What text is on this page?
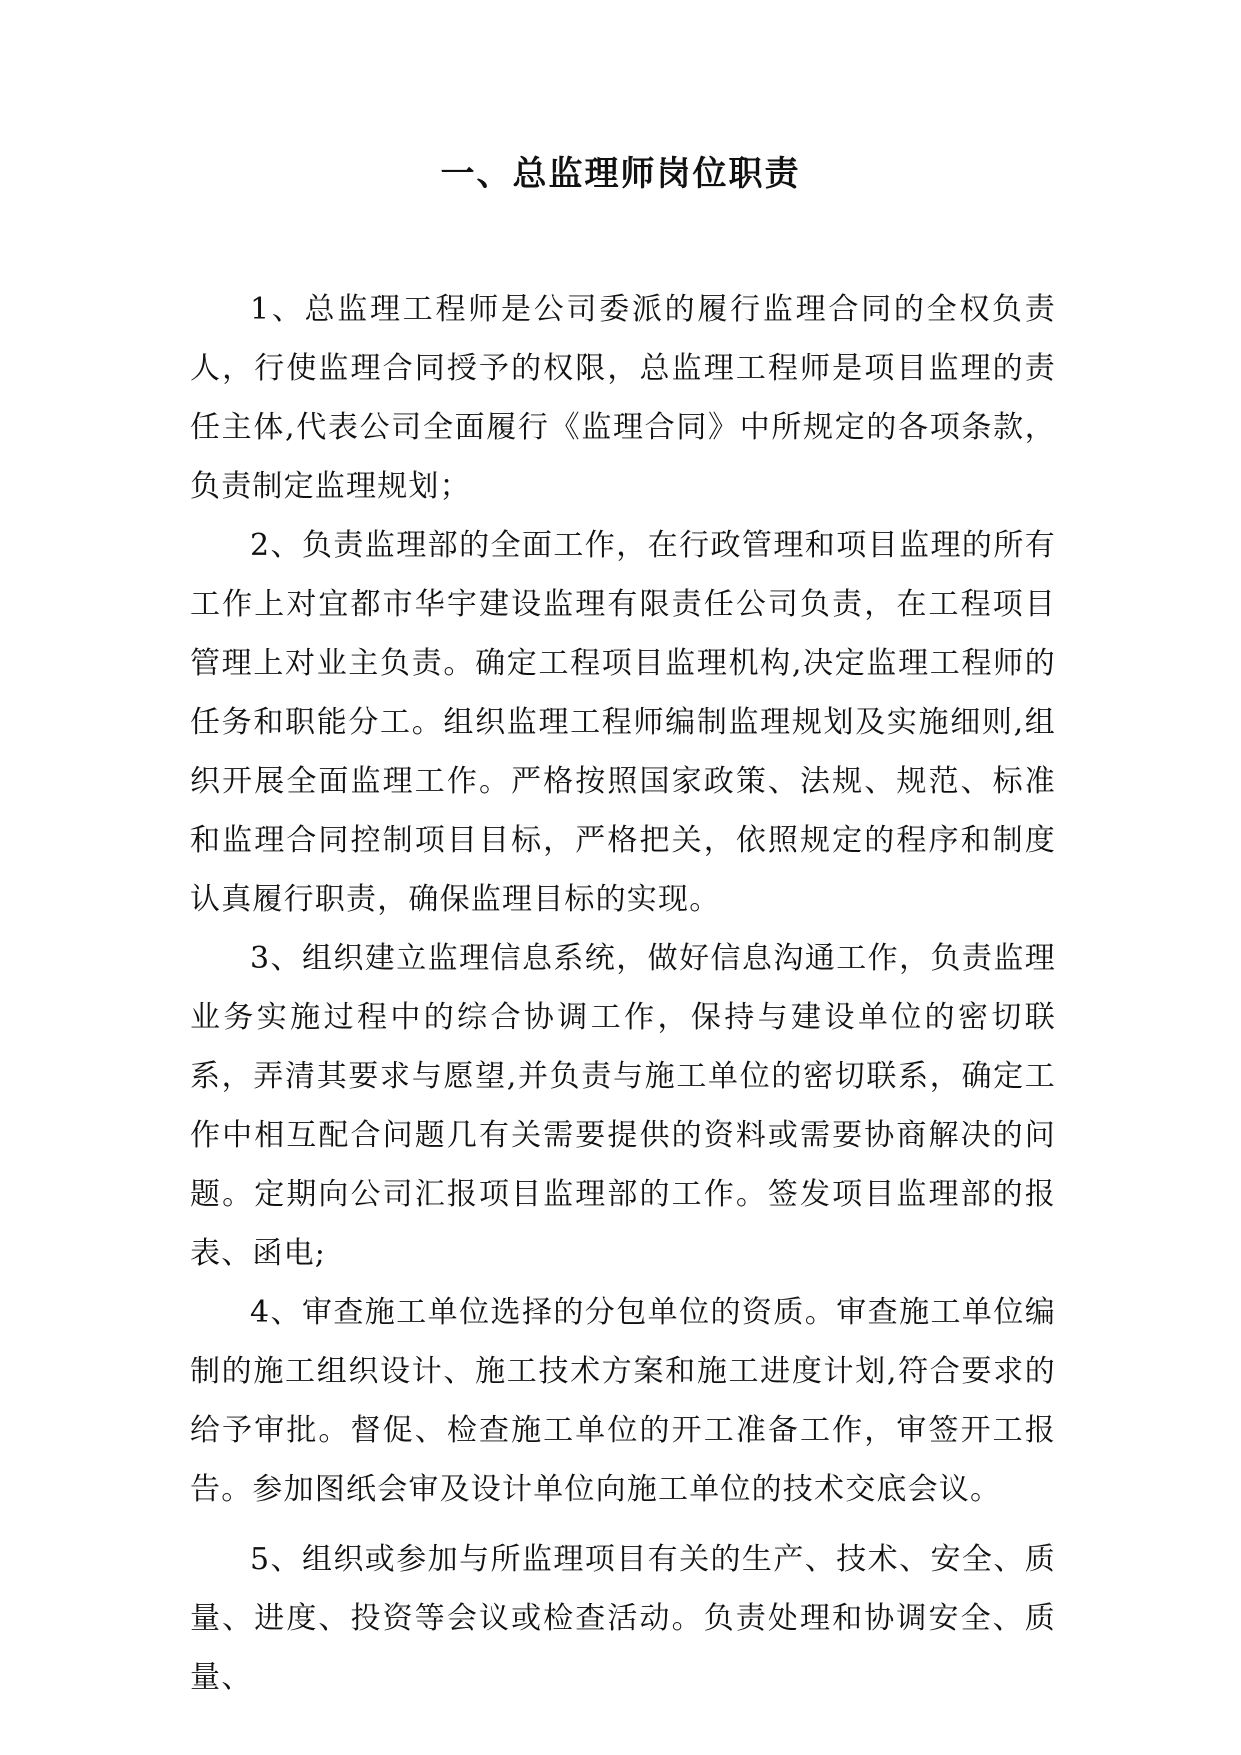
一、总监理师岗位职责

1、总监理工程师是公司委派的履行监理合同的全权负责人，行使监理合同授予的权限，总监理工程师是项目监理的责任主体,代表公司全面履行《监理合同》中所规定的各项条款，负责制定监理规划；

2、负责监理部的全面工作，在行政管理和项目监理的所有工作上对宜都市华宇建设监理有限责任公司负责，在工程项目管理上对业主负责。确定工程项目监理机构,决定监理工程师的任务和职能分工。组织监理工程师编制监理规划及实施细则,组织开展全面监理工作。严格按照国家政策、法规、规范、标准和监理合同控制项目目标，严格把关，依照规定的程序和制度认真履行职责，确保监理目标的实现。

3、组织建立监理信息系统，做好信息沟通工作，负责监理业务实施过程中的综合协调工作，保持与建设单位的密切联系，弄清其要求与愿望,并负责与施工单位的密切联系，确定工作中相互配合问题几有关需要提供的资料或需要协商解决的问题。定期向公司汇报项目监理部的工作。签发项目监理部的报表、函电;

4、审查施工单位选择的分包单位的资质。审查施工单位编制的施工组织设计、施工技术方案和施工进度计划,符合要求的给予审批。督促、检查施工单位的开工准备工作，审签开工报告。参加图纸会审及设计单位向施工单位的技术交底会议。

5、组织或参加与所监理项目有关的生产、技术、安全、质量、进度、投资等会议或检查活动。负责处理和协调安全、质量、
